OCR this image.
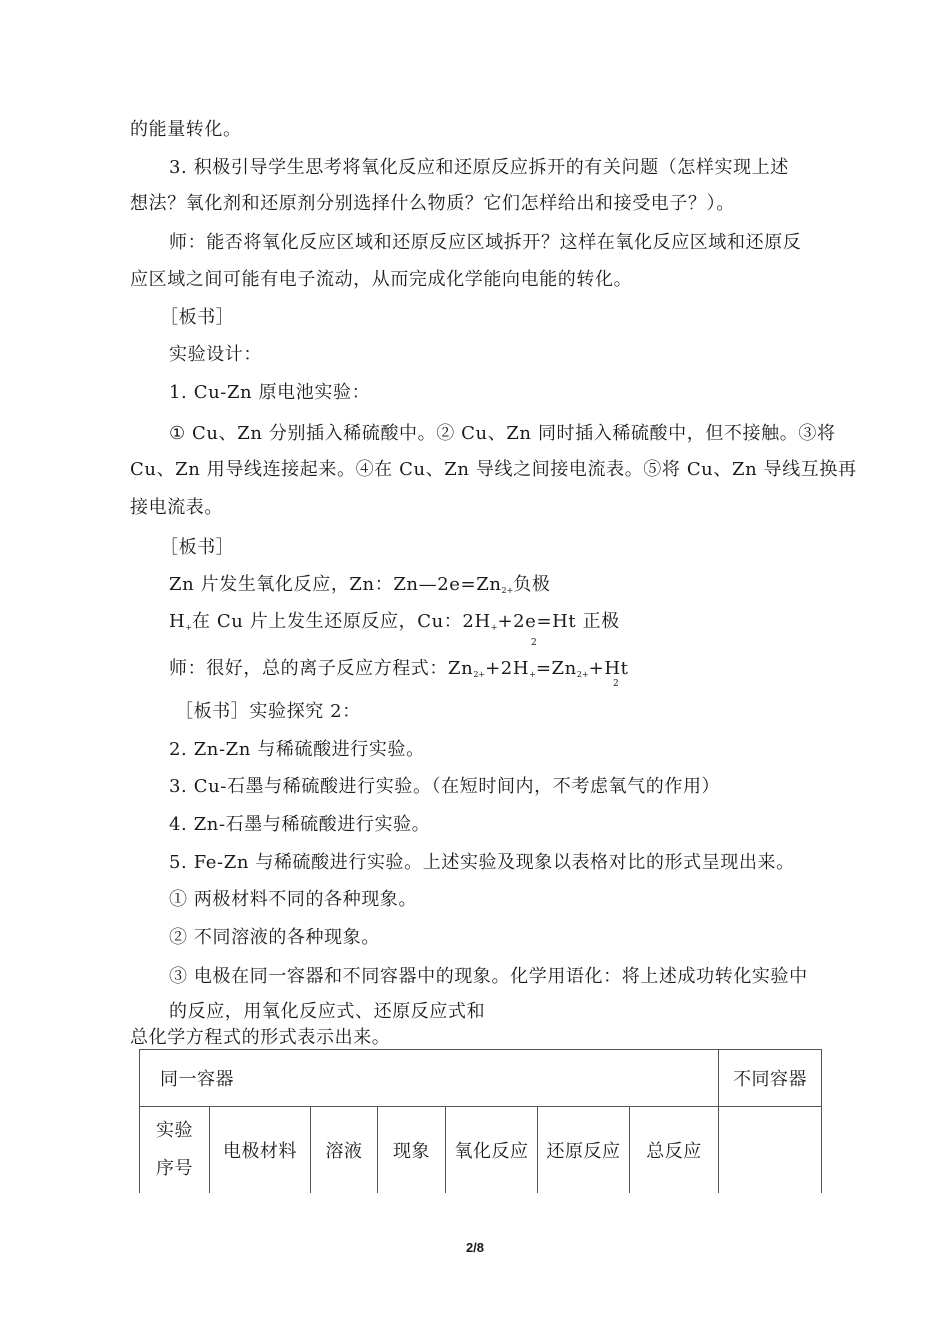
的能量转化。
3. 积极引导学生思考将氧化反应和还原反应拆开的有关问题（怎样实现上述
想法？氧化剂和还原剂分别选择什么物质？它们怎样给出和接受电子？）。
师：能否将氧化反应区域和还原反应区域拆开？这样在氧化反应区域和还原反
应区域之间可能有电子流动，从而完成化学能向电能的转化。
［板书］
实验设计：
1. Cu-Zn 原电池实验：
① Cu、Zn 分别插入稀硫酸中。② Cu、Zn 同时插入稀硫酸中，但不接触。③将
Cu、Zn 用导线连接起来。④在 Cu、Zn 导线之间接电流表。⑤将 Cu、Zn 导线互换再
接电流表。
［板书］
Zn 片发生氧化反应，Zn：Zn—2e=Zn2+负极
H+在 Cu 片上发生还原反应，Cu：2H++2e=Ht 正极
2
师：很好，总的离子反应方程式：Zn2++2H+=Zn2++Ht
2
［板书］实验探究 2：
2. Zn-Zn 与稀硫酸进行实验。
3. Cu-石墨与稀硫酸进行实验。（在短时间内，不考虑氧气的作用）
4. Zn-石墨与稀硫酸进行实验。
5. Fe-Zn 与稀硫酸进行实验。上述实验及现象以表格对比的形式呈现出来。
① 两极材料不同的各种现象。
② 不同溶液的各种现象。
③ 电极在同一容器和不同容器中的现象。化学用语化：将上述成功转化实验中
的反应，用氧化反应式、还原反应式和
总化学方程式的形式表示出来。
同一容器							不同容器

实验
序号	电极材料	溶液	现象	氧化反应	还原反应	总反应	
2/8
